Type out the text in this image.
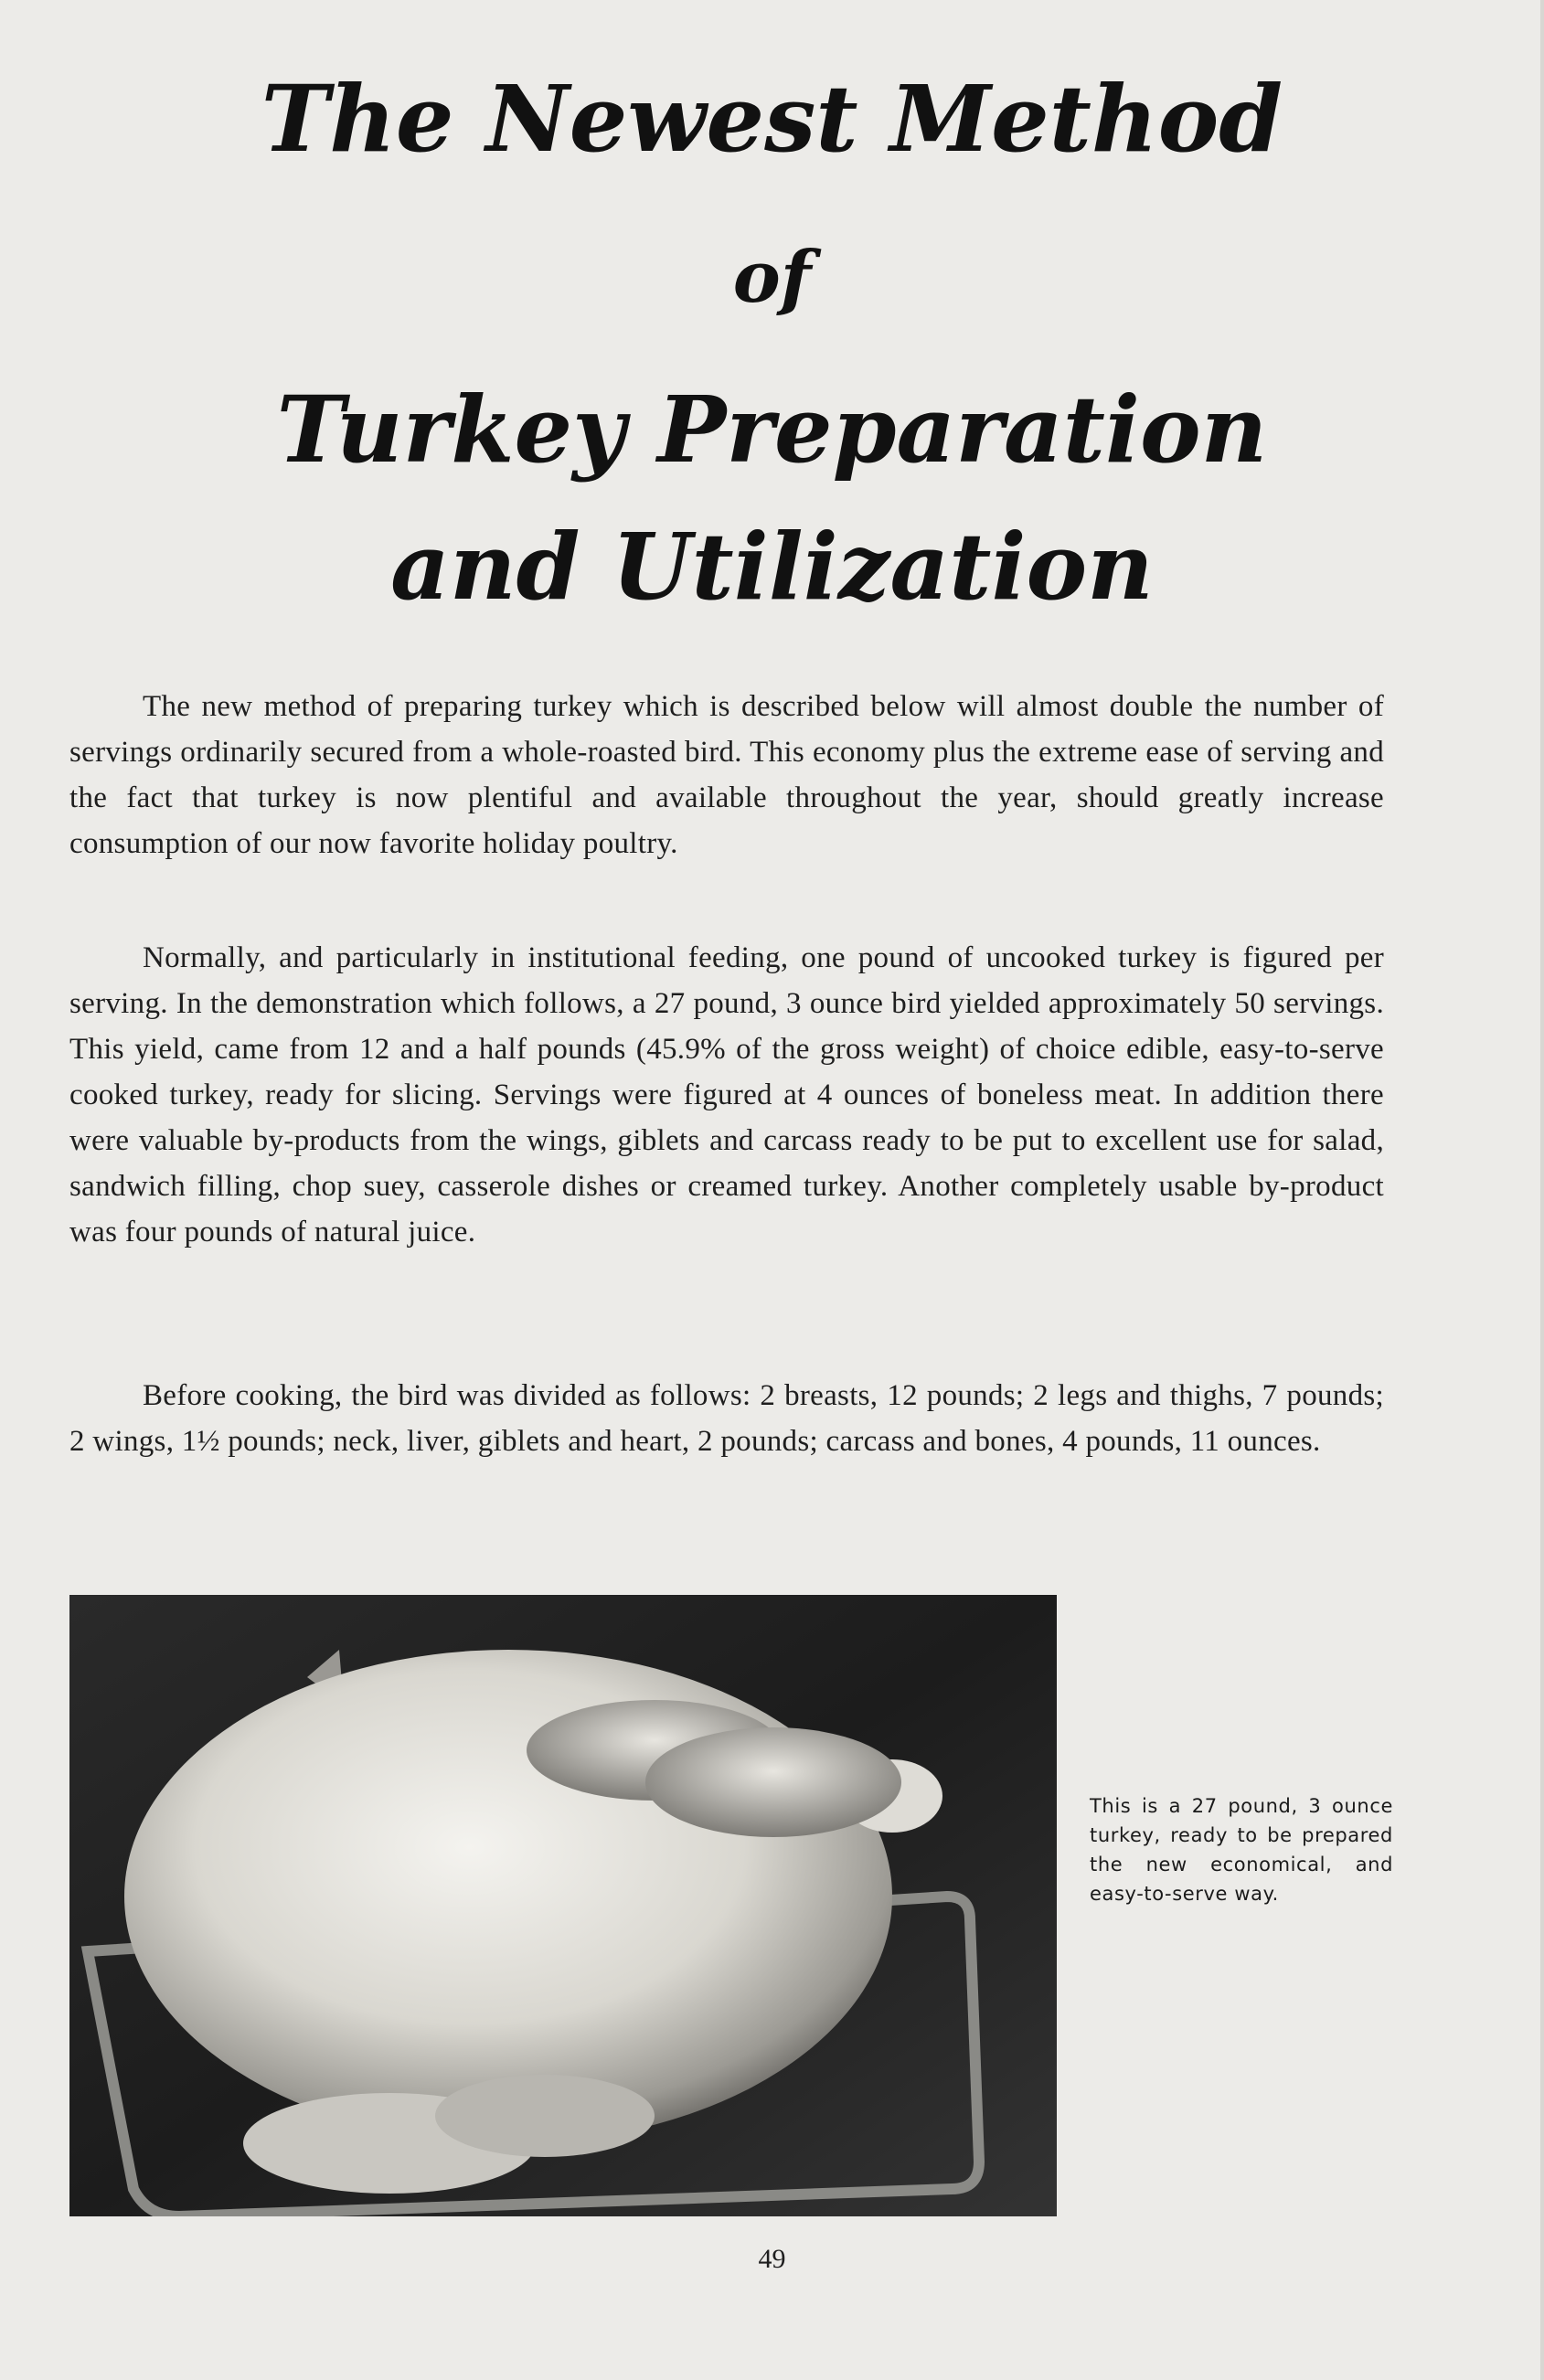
The Newest Method
of
Turkey Preparation
and Utilization

The new method of preparing turkey which is described below will almost double the number of servings ordinarily secured from a whole-roasted bird. This economy plus the extreme ease of serving and the fact that turkey is now plentiful and available throughout the year, should greatly increase consumption of our now favorite holiday poultry.

Normally, and particularly in institutional feeding, one pound of uncooked turkey is figured per serving. In the demonstration which follows, a 27 pound, 3 ounce bird yielded approximately 50 servings. This yield, came from 12 and a half pounds (45.9% of the gross weight) of choice edible, easy-to-serve cooked turkey, ready for slicing. Servings were figured at 4 ounces of boneless meat. In addition there were valuable by-products from the wings, giblets and carcass ready to be put to excellent use for salad, sandwich filling, chop suey, casserole dishes or creamed turkey. Another completely usable by-product was four pounds of natural juice.

Before cooking, the bird was divided as follows: 2 breasts, 12 pounds; 2 legs and thighs, 7 pounds; 2 wings, 1½ pounds; neck, liver, giblets and heart, 2 pounds; carcass and bones, 4 pounds, 11 ounces.

This is a 27 pound, 3 ounce turkey, ready to be prepared the new economical, and easy-to-serve way.
49
